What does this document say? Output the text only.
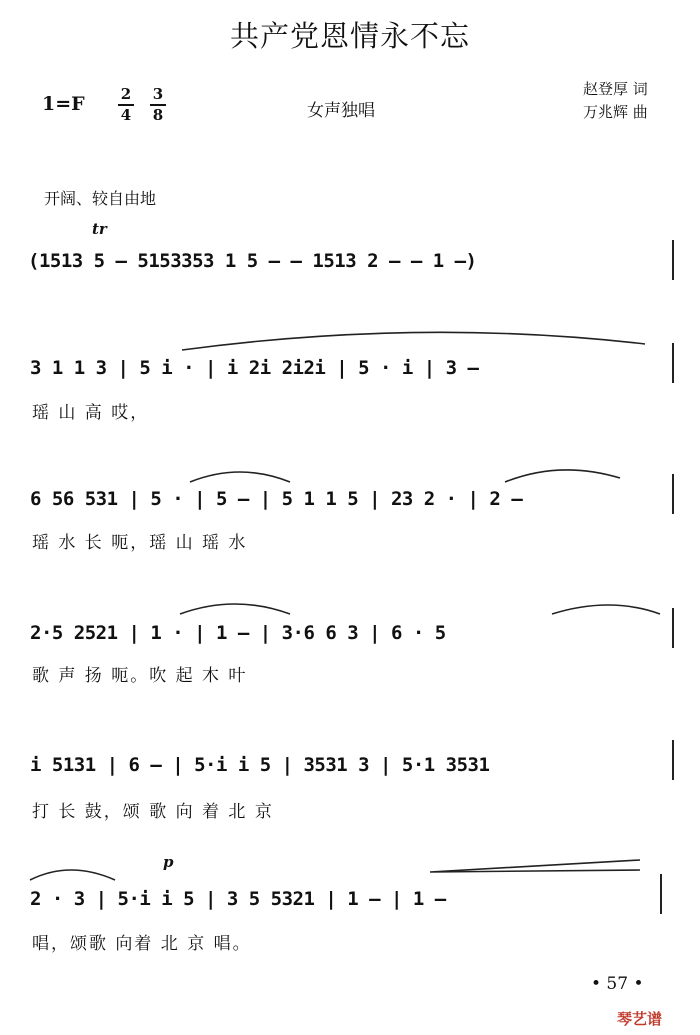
共产党恩情永不忘
1=F 2
4
3
8	女声独唱
赵登厚 词
万兆辉 曲
开阔、较自由地
tr
(1513 5 — 5153353 1 5 — — 1513 2 — — 1 —)
3 1 1 3 | 5 i · | i 2i 2i2i | 5 · i | 3 —
瑶 山 高 哎，
6 56 531 | 5 · | 5 — | 5 1 1 5 | 23 2 · | 2 —
瑶 水 长 呃，瑶 山 瑶 水
2·5 2521 | 1 · | 1 — | 3·6 6 3 | 6 · 5
歌 声 扬 呃。吹 起 木 叶
i 5131 | 6 — | 5·i i 5 | 3531 3 | 5·1 3531
打 长 鼓，颂 歌 向 着 北 京
p
2 · 3 | 5·i i 5 | 3 5 5321 | 1 — | 1 —
唱，颂歌 向着 北 京 唱。
• 57 •
琴艺谱
